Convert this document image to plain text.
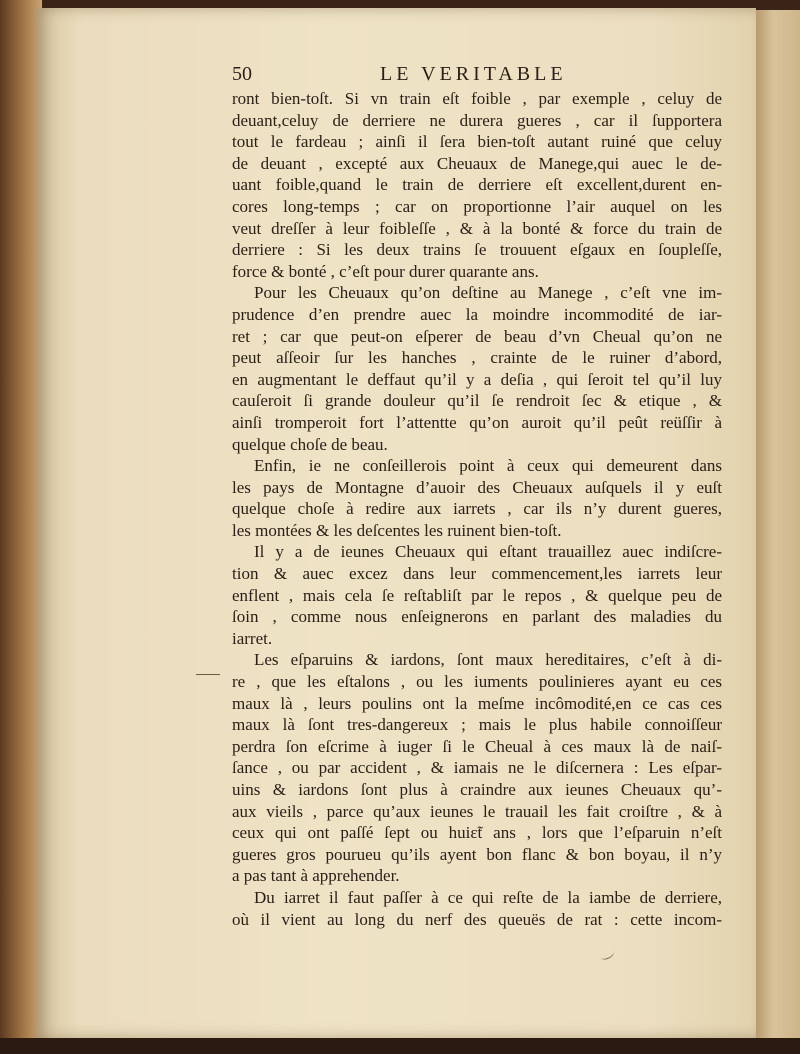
50	LE VERITABLE
ront bien-toſt. Si vn train eſt foible , par exemple , celuy de
deuant,celuy de derriere ne durera gueres , car il ſupportera
tout le fardeau ; ainſi il ſera bien-toſt autant ruiné que celuy
de deuant , excepté aux Cheuaux de Manege,qui auec le de-
uant foible,quand le train de derriere eſt excellent,durent en-
cores long-temps ; car on proportionne l’air auquel on les
veut dreſſer à leur foibleſſe , & à la bonté & force du train de
derriere : Si les deux trains ſe trouuent eſgaux en ſoupleſſe,
force & bonté , c’eſt pour durer quarante ans.
Pour les Cheuaux qu’on deſtine au Manege , c’eſt vne im-
prudence d’en prendre auec la moindre incommodité de iar-
ret ; car que peut-on eſperer de beau d’vn Cheual qu’on ne
peut aſſeoir ſur les hanches , crainte de le ruiner d’abord,
en augmentant le deffaut qu’il y a deſia , qui ſeroit tel qu’il luy
cauſeroit ſi grande douleur qu’il ſe rendroit ſec & etique , &
ainſi tromperoit fort l’attentte qu’on auroit qu’il peût reüſſir à
quelque choſe de beau.
Enfin, ie ne conſeillerois point à ceux qui demeurent dans
les pays de Montagne d’auoir des Cheuaux auſquels il y euſt
quelque choſe à redire aux iarrets , car ils n’y durent gueres,
les montées & les deſcentes les ruinent bien-toſt.
Il y a de ieunes Cheuaux qui eſtant trauaillez auec indiſcre-
tion & auec excez dans leur commencement,les iarrets leur
enflent , mais cela ſe reſtabliſt par le repos , & quelque peu de
ſoin , comme nous enſeignerons en parlant des maladies du
iarret.
Les eſparuins & iardons, ſont maux hereditaires, c’eſt à di-
re , que les eſtalons , ou les iuments poulinieres ayant eu ces
maux là , leurs poulins ont la meſme incômodité,en ce cas ces
maux là ſont tres-dangereux ; mais le plus habile connoiſſeur
perdra ſon eſcrime à iuger ſi le Cheual à ces maux là de naiſ-
ſance , ou par accident , & iamais ne le diſcernera : Les eſpar-
uins & iardons ſont plus à craindre aux ieunes Cheuaux qu’-
aux vieils , parce qu’aux ieunes le trauail les fait croiſtre , & à
ceux qui ont paſſé ſept ou huiɛ̃t ans , lors que l’eſparuin n’eſt
gueres gros pourueu qu’ils ayent bon flanc & bon boyau, il n’y
a pas tant à apprehender.
Du iarret il faut paſſer à ce qui reſte de la iambe de derriere,
où il vient au long du nerf des queuës de rat : cette incom-
